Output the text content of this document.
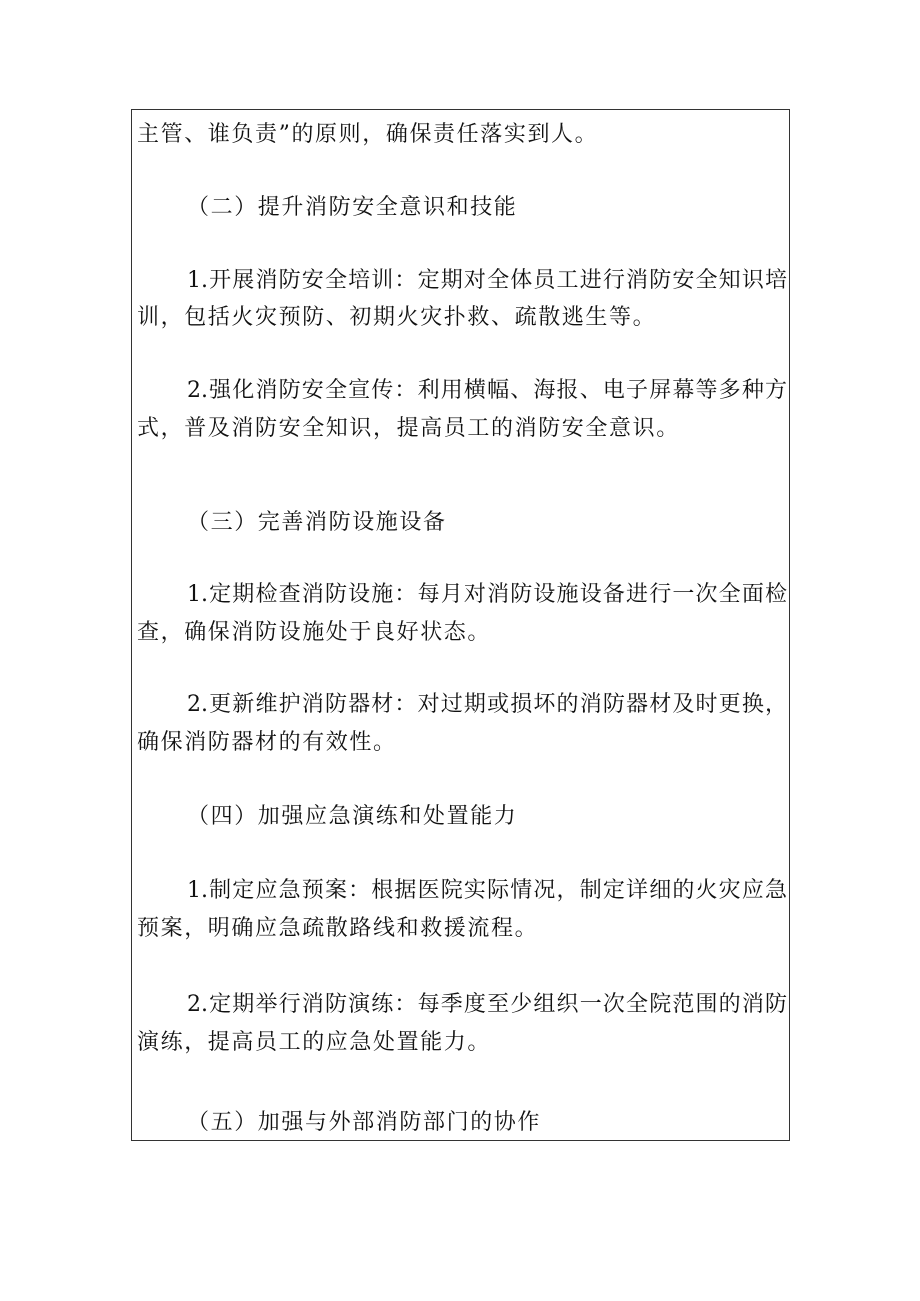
主管、谁负责”的原则，确保责任落实到人。
（二）提升消防安全意识和技能
1.开展消防安全培训：定期对全体员工进行消防安全知识培
训，包括火灾预防、初期火灾扑救、疏散逃生等。
2.强化消防安全宣传：利用横幅、海报、电子屏幕等多种方
式，普及消防安全知识，提高员工的消防安全意识。
（三）完善消防设施设备
1.定期检查消防设施：每月对消防设施设备进行一次全面检
查，确保消防设施处于良好状态。
2.更新维护消防器材：对过期或损坏的消防器材及时更换，
确保消防器材的有效性。
（四）加强应急演练和处置能力
1.制定应急预案：根据医院实际情况，制定详细的火灾应急
预案，明确应急疏散路线和救援流程。
2.定期举行消防演练：每季度至少组织一次全院范围的消防
演练，提高员工的应急处置能力。
（五）加强与外部消防部门的协作
